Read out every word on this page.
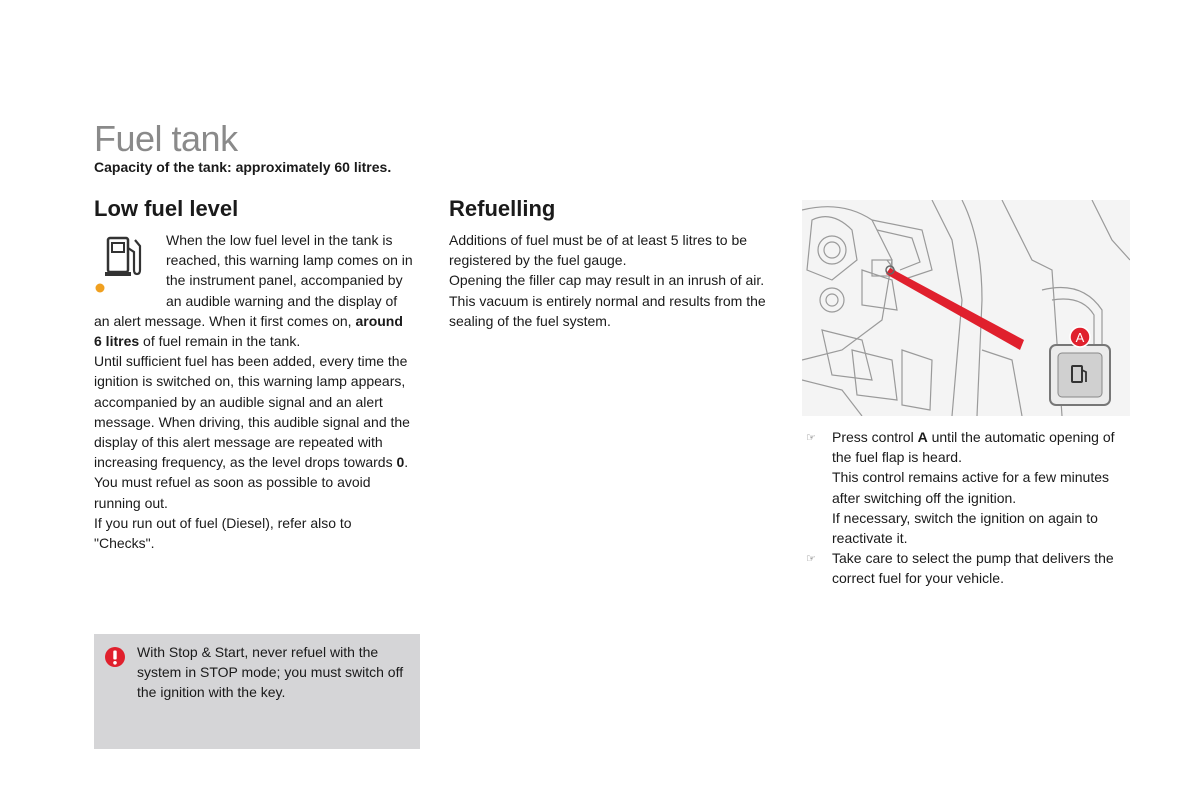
Fuel tank
Capacity of the tank: approximately 60 litres.
Low fuel level	Refuelling

When the low fuel level in the tank is reached, this warning lamp comes on in the instrument panel, accompanied by an audible warning and the display of an alert message. When it first comes on, around 6 litres of fuel remain in the tank.

Until sufficient fuel has been added, every time the ignition is switched on, this warning lamp appears, accompanied by an audible signal and an alert message. When driving, this audible signal and the display of this alert message are repeated with increasing frequency, as the level drops towards 0.

You must refuel as soon as possible to avoid running out.

If you run out of fuel (Diesel), refer also to "Checks".

Additions of fuel must be of at least 5 litres to be registered by the fuel gauge.

Opening the filler cap may result in an inrush of air. This vacuum is entirely normal and results from the sealing of the fuel system.

With Stop & Start, never refuel with the system in STOP mode; you must switch off the ignition with the key.
A
☞ Press control A until the automatic opening of the fuel flap is heard.
This control remains active for a few minutes after switching off the ignition.
If necessary, switch the ignition on again to reactivate it.
☞ Take care to select the pump that delivers the correct fuel for your vehicle.
